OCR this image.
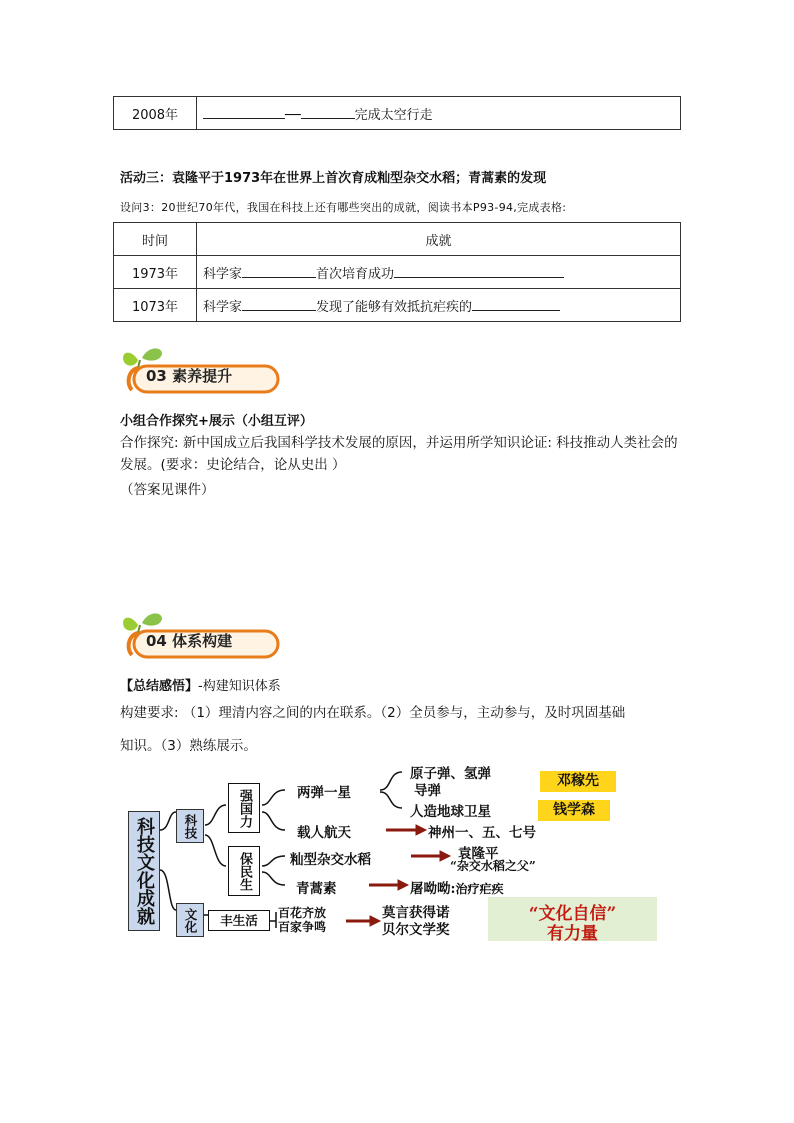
2008年	──	完成太空行走
活动三：袁隆平于1973年在世界上首次育成籼型杂交水稻；青蒿素的发现
设问3：20世纪70年代，我国在科技上还有哪些突出的成就，阅读书本P93-94,完成表格:
时间	成就
1973年	科学家 首次培育成功
1073年	科学家 发现了能够有效抵抗疟疾的
03 素养提升
小组合作探究+展示（小组互评）
合作探究: 新中国成立后我国科学技术发展的原因，并运用所学知识论证: 科技推动人类社会的发展。(要求：史论结合，论从史出 ）
（答案见课件）
04 体系构建
【总结感悟】-构建知识体系
构建要求: （1）理清内容之间的内在联系。（2）全员参与，主动参与，及时巩固基础
知识。（3）熟练展示。
科技文化成就	科技
文化
强国力
保民生
两弹一星
原子弹、氢弹
导弹
人造地球卫星
邓稼先
钱学森
载人航天	神州一、五、七号
籼型杂交水稻	袁隆平
“杂交水稻之父”
青蒿素	屠呦呦:治疗疟疾
丰生活	百花齐放
百家争鸣
莫言获得诺
贝尔文学奖
“文化自信”
有力量
